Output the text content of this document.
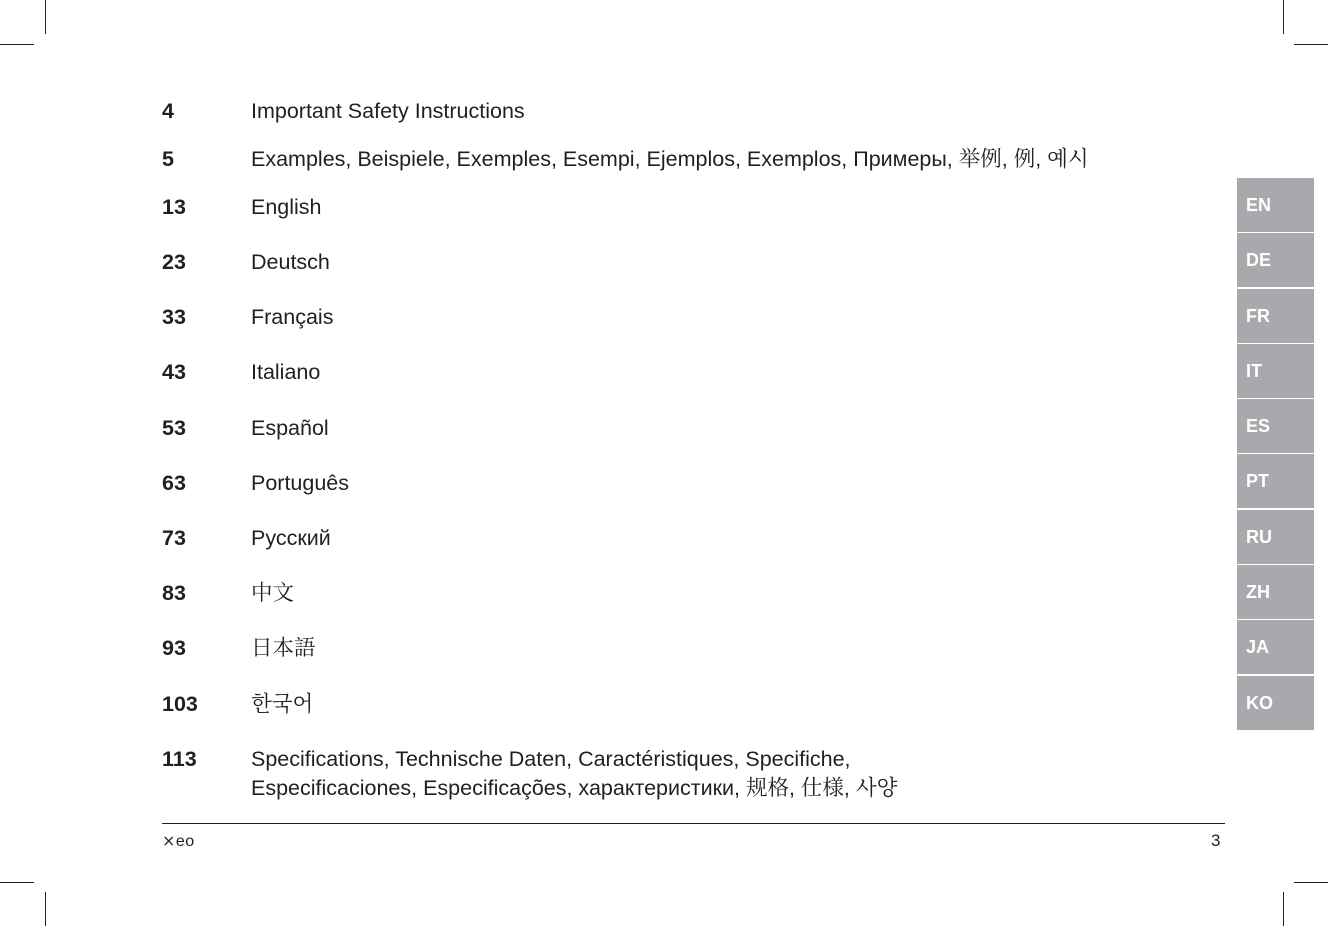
4	Important Safety Instructions
5	Examples, Beispiele, Exemples, Esempi, Ejemplos, Exemplos, Примеры, 举例, 例, 예시
13	English
23	Deutsch
33	Français
43	Italiano
53	Español
63	Português
73	Русский
83	中文
93	日本語
103 한국어
113	Specifications, Technische Daten, Caractéristiques, Specifiche,
Especificaciones, Especificações, характеристики, 规格, 仕様, 사양
EN
DE
FR
IT
ES
PT
RU
ZH
JA
KO
⨯eo	3
